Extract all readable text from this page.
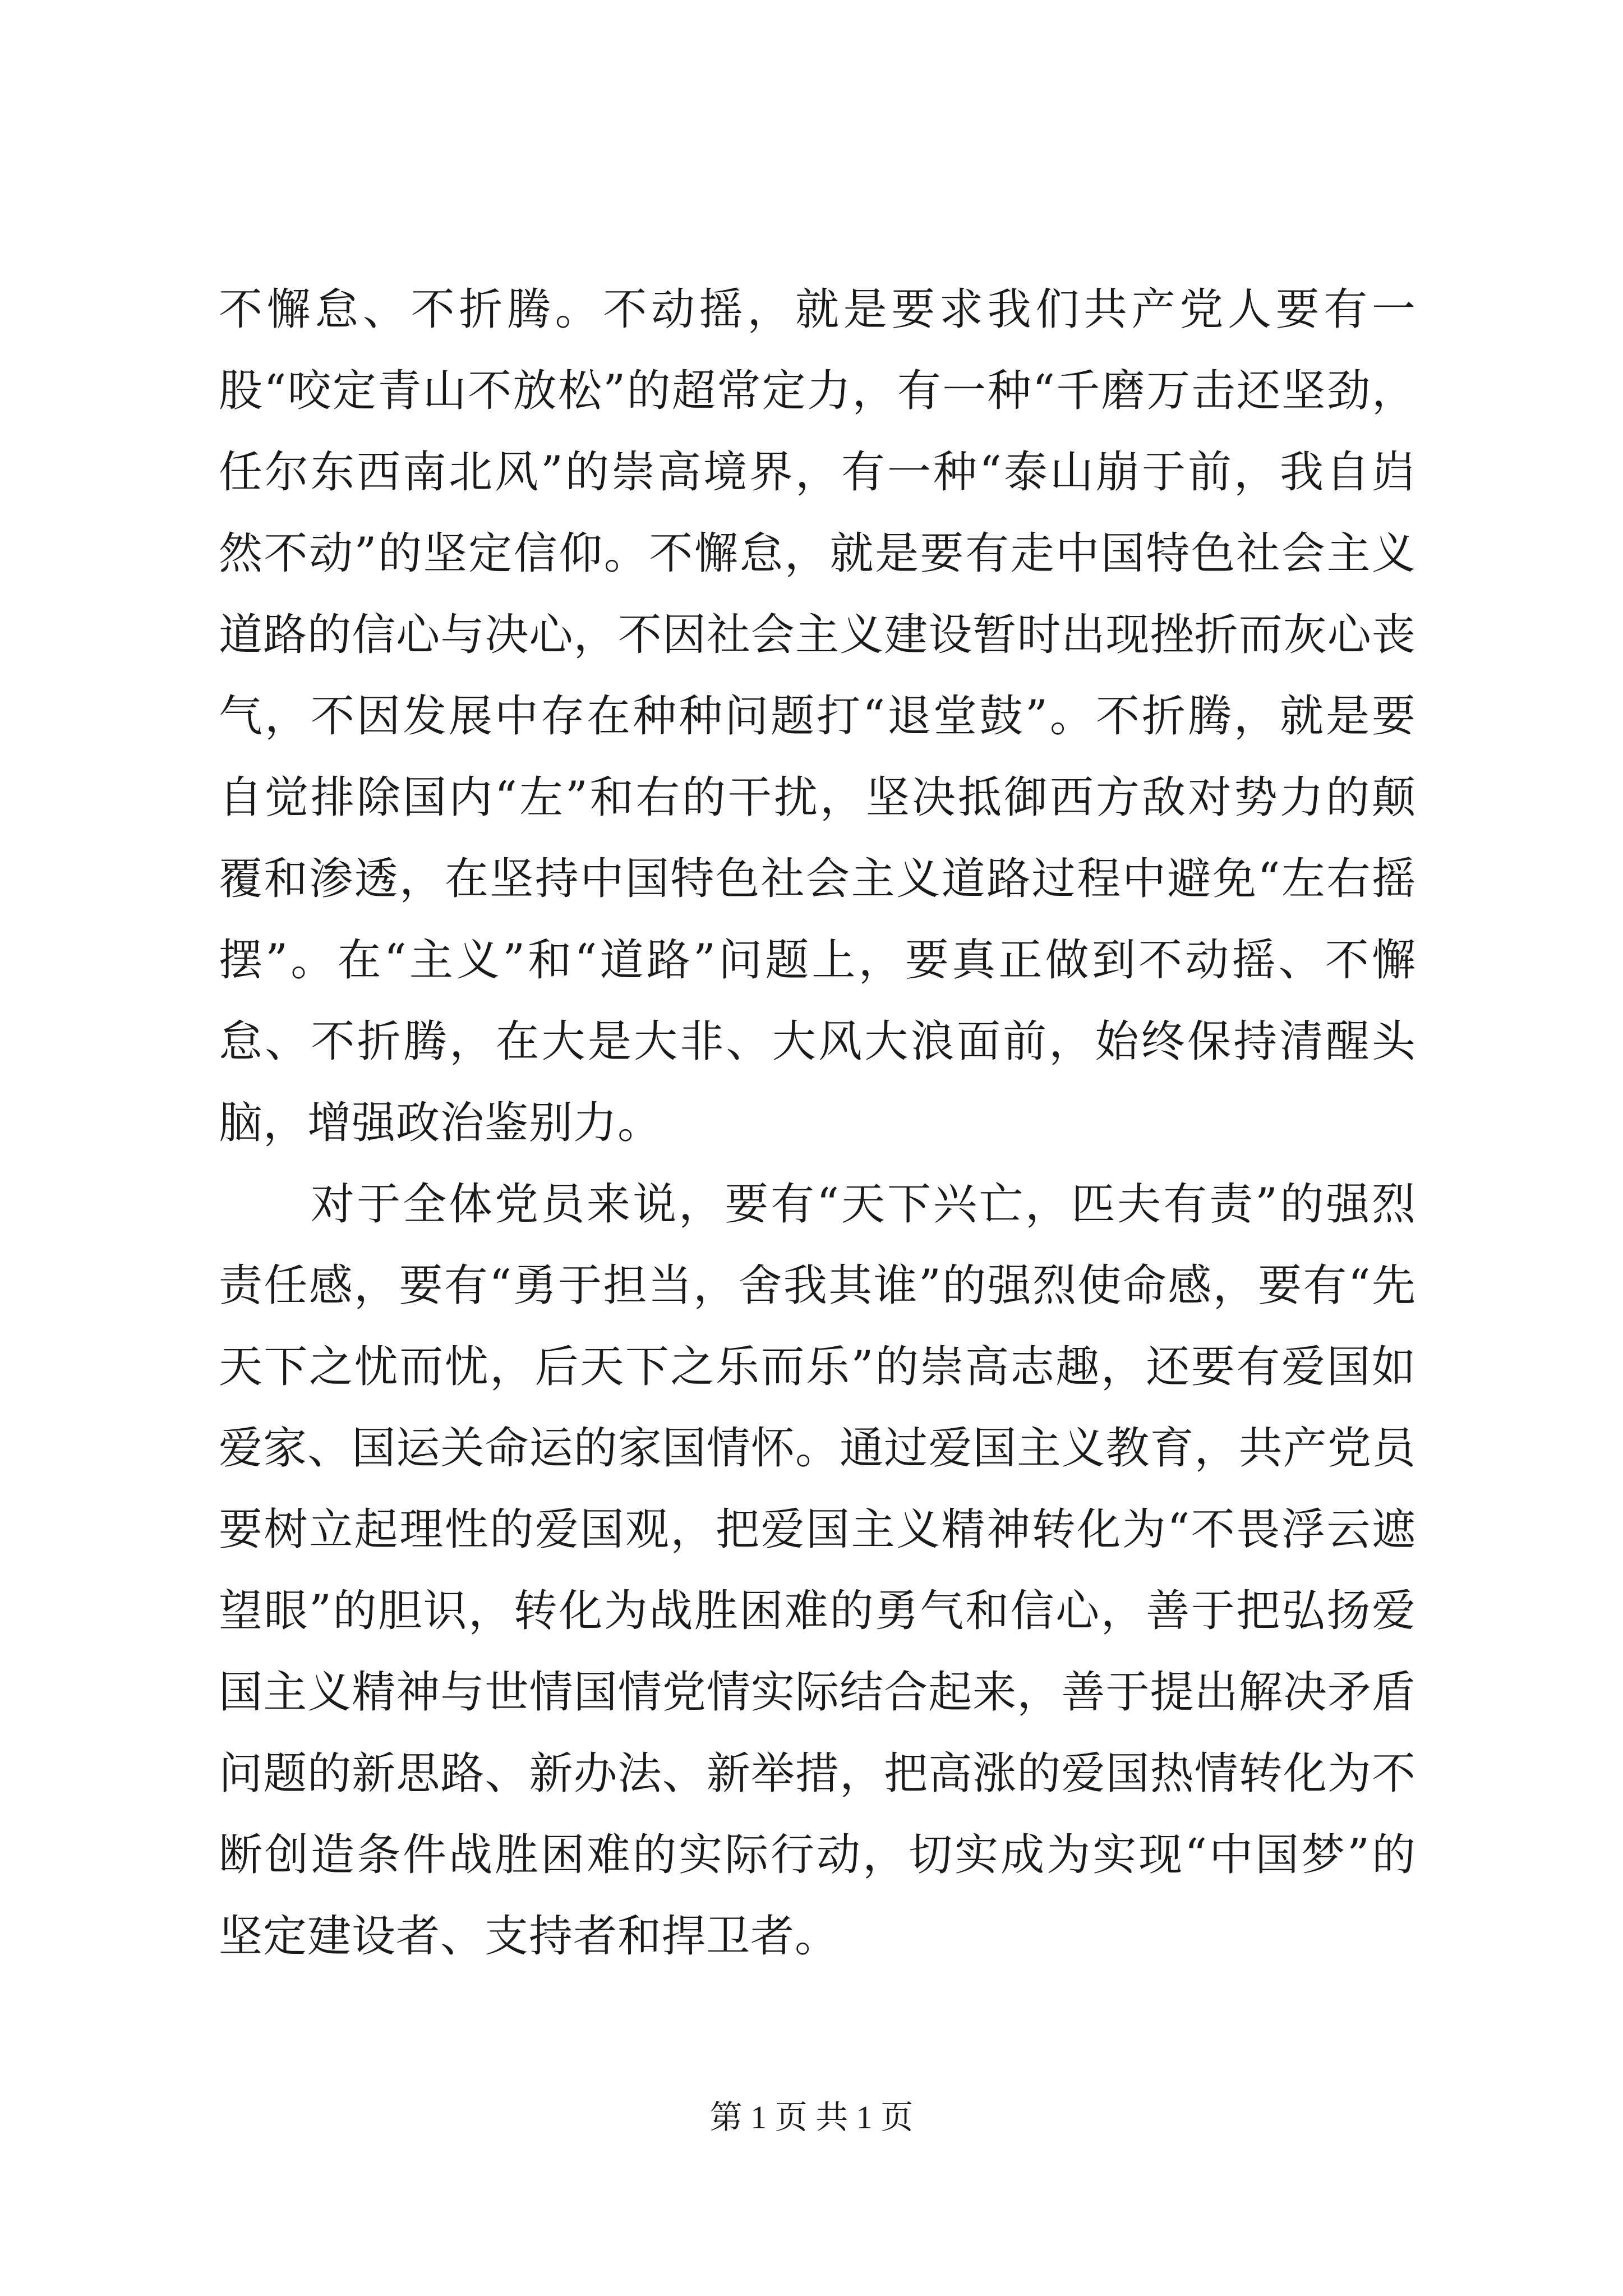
不懈怠、不折腾。不动摇，就是要求我们共产党人要有一股“咬定青山不放松”的超常定力，有一种“千磨万击还坚劲，任尔东西南北风”的崇高境界，有一种“泰山崩于前，我自岿然不动”的坚定信仰。不懈怠，就是要有走中国特色社会主义道路的信心与决心，不因社会主义建设暂时出现挫折而灰心丧气，不因发展中存在种种问题打“退堂鼓”。不折腾，就是要自觉排除国内“左”和右的干扰，坚决抵御西方敌对势力的颠覆和渗透，在坚持中国特色社会主义道路过程中避免“左右摇摆”。在“主义”和“道路”问题上，要真正做到不动摇、不懈怠、不折腾，在大是大非、大风大浪面前，始终保持清醒头脑，增强政治鉴别力。

　　对于全体党员来说，要有“天下兴亡，匹夫有责”的强烈责任感，要有“勇于担当，舍我其谁”的强烈使命感，要有“先天下之忧而忧，后天下之乐而乐”的崇高志趣，还要有爱国如爱家、国运关命运的家国情怀。通过爱国主义教育，共产党员要树立起理性的爱国观，把爱国主义精神转化为“不畏浮云遮望眼”的胆识，转化为战胜困难的勇气和信心，善于把弘扬爱国主义精神与世情国情党情实际结合起来，善于提出解决矛盾问题的新思路、新办法、新举措，把高涨的爱国热情转化为不断创造条件战胜困难的实际行动，切实成为实现“中国梦”的坚定建设者、支持者和捍卫者。

第 1 页 共 1 页
